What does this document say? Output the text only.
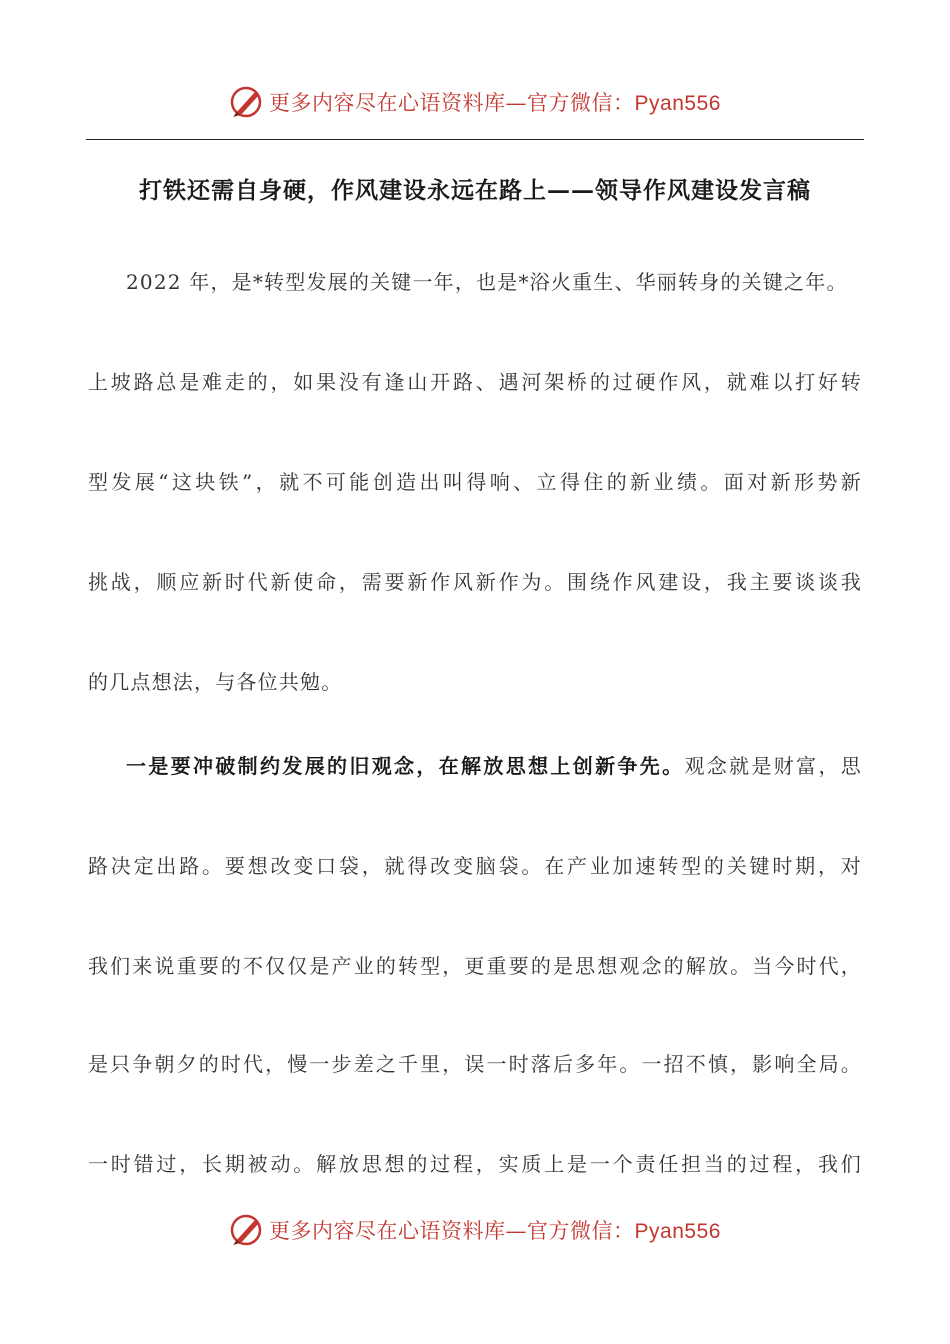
更多内容尽在心语资料库—官方微信：Pyan556
打铁还需自身硬，作风建设永远在路上——领导作风建设发言稿
2022 年，是*转型发展的关键一年，也是*浴火重生、华丽转身的关键之年。
上坡路总是难走的，如果没有逢山开路、遇河架桥的过硬作风，就难以打好转
型发展“这块铁”，就不可能创造出叫得响、立得住的新业绩。面对新形势新
挑战，顺应新时代新使命，需要新作风新作为。围绕作风建设，我主要谈谈我
的几点想法，与各位共勉。
一是要冲破制约发展的旧观念，在解放思想上创新争先。观念就是财富，思
路决定出路。要想改变口袋，就得改变脑袋。在产业加速转型的关键时期，对
我们来说重要的不仅仅是产业的转型，更重要的是思想观念的解放。当今时代，
是只争朝夕的时代，慢一步差之千里，误一时落后多年。一招不慎，影响全局。
一时错过，长期被动。解放思想的过程，实质上是一个责任担当的过程，我们
更多内容尽在心语资料库—官方微信：Pyan556
